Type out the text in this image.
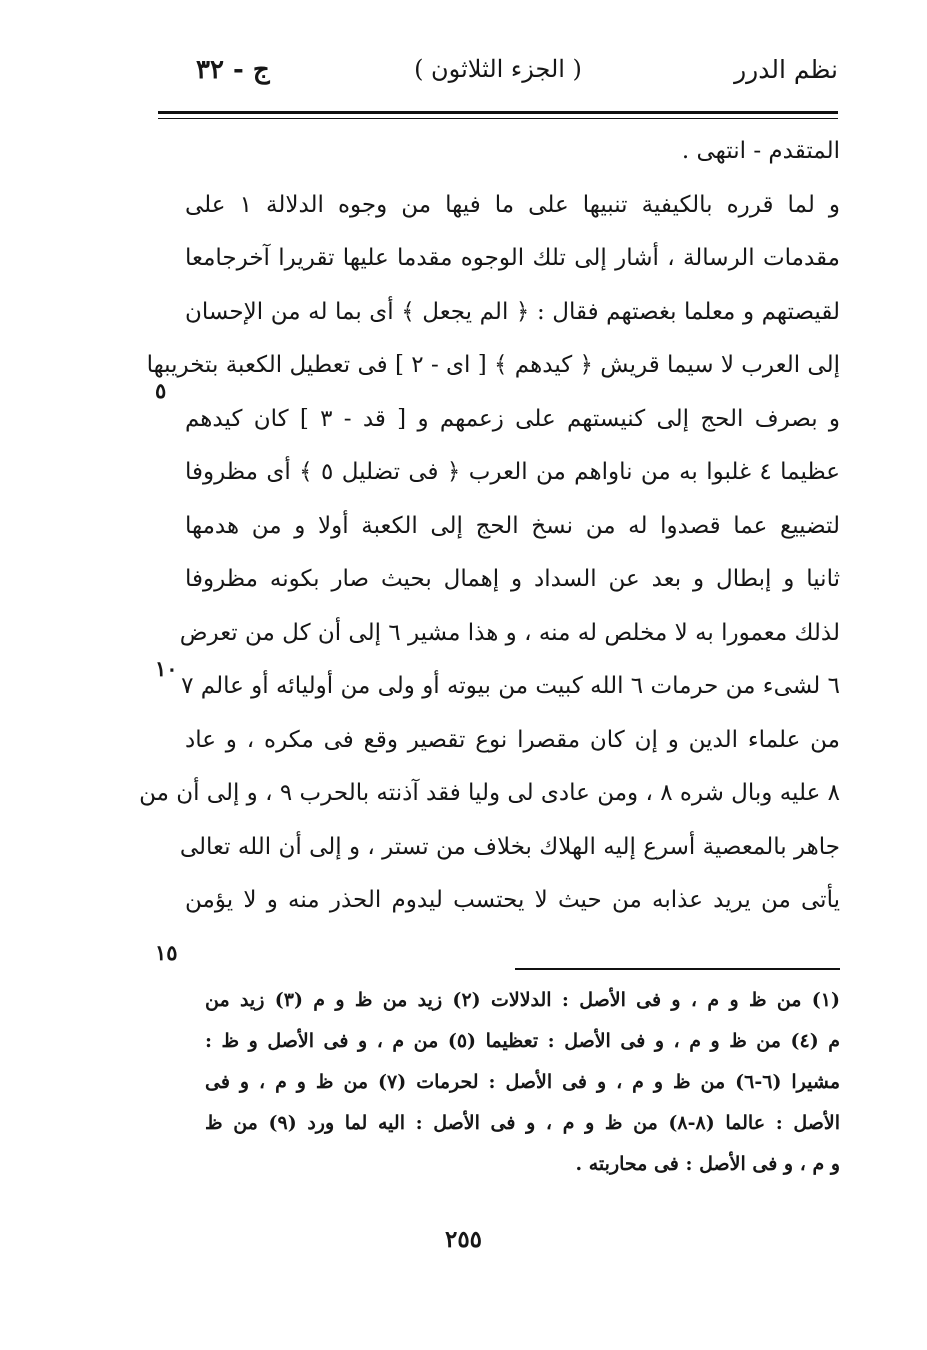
نظم الدرر
( الجزء الثلاثون )
ج - ٣٢
المتقدم - انتهى .
و لما قرره بالكيفية تنبيها على ما فيها من وجوه الدلالة ١ على
مقدمات الرسالة ، أشار إلى تلك الوجوه مقدما عليها تقريرا آخرجامعا
لقيصتهم و معلما بغصتهم فقال : ﴿ الم يجعل ﴾ أى بما له من الإحسان
إلى العرب لا سيما قريش ﴿ كيدهم ﴾ [ اى - ٢ ] فى تعطيل الكعبة بتخريبها
و بصرف الحج إلى كنيستهم على زعمهم و [ قد - ٣ ] كان كيدهم
عظيما ٤ غلبوا به من ناواهم من العرب ﴿ فى تضليل ٥ ﴾ أى مظروفا
لتضييع عما قصدوا له من نسخ الحج إلى الكعبة أولا و من هدمها
ثانيا و إبطال و بعد عن السداد و إهمال بحيث صار بكونه مظروفا
لذلك معمورا به لا مخلص له منه ، و هذا مشير ٦ إلى أن كل من تعرض
٦ لشىء من حرمات ٦ الله كبيت من بيوته أو ولى من أوليائه أو عالم ٧
من علماء الدين و إن كان مقصرا نوع تقصير وقع فى مكره ، و عاد
٨ عليه وبال شره ٨ ، ومن عادى لى وليا فقد آذنته بالحرب ٩ ، و إلى أن من
جاهر بالمعصية أسرع إليه الهلاك بخلاف من تستر ، و إلى أن الله تعالى
يأتى من يريد عذابه من حيث لا يحتسب ليدوم الحذر منه و لا يؤمن
٥
١٠
١٥
(١) من ظ و م ، و فى الأصل : الدلالات (٢) زيد من ظ و م (٣) زيد من
م (٤) من ظ و م ، و فى الأصل : تعظيما (٥) من م ، و فى الأصل و ظ :
مشيرا (٦-٦) من ظ و م ، و فى الأصل : لحرمات (٧) من ظ و م ، و فى
الأصل : عالما (٨-٨) من ظ و م ، و فى الأصل : اليه لما ورد (٩) من ظ
و م ، و فى الأصل : فى محاربته .
٢٥٥
